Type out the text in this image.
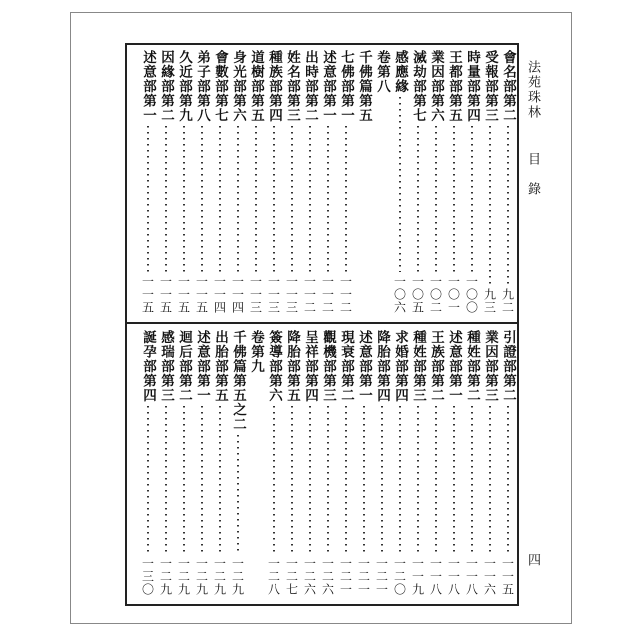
法苑珠林
目　錄
四
會名部第二
九二
受報部第三
九三
時量部第四
一〇〇
王都部第五
一〇一
業因部第六
一〇二
滅劫部第七
一〇五
感應緣
一〇六
卷第八
千佛篇第五
七佛部第一
一一二
述意部第一
一一二
出時部第二
一一二
姓名部第三
一一三
種族部第四
一一三
道樹部第五
一一三
身光部第六
一一四
會數部第七
一一四
弟子部第八
一一五
久近部第九
一一五
因緣部第二
一一五
述意部第一
一一五
引證部第二
一一五
業因部第三
一一六
種姓部第二
一一八
述意部第一
一一八
王族部第二
一一八
種姓部第三
一一九
求婚部第四
一二〇
降胎部第四
一二一
述意部第一
一二一
現衰部第二
一二一
觀機部第三
一二六
呈祥部第四
一二六
降胎部第五
一二七
簽導部第六
一二八
卷第九
千佛篇第五之二
一二九
出胎部第五
一二九
述意部第一
一二九
迴后部第二
一二九
感瑞部第三
一二九
誕孕部第四
一三〇
